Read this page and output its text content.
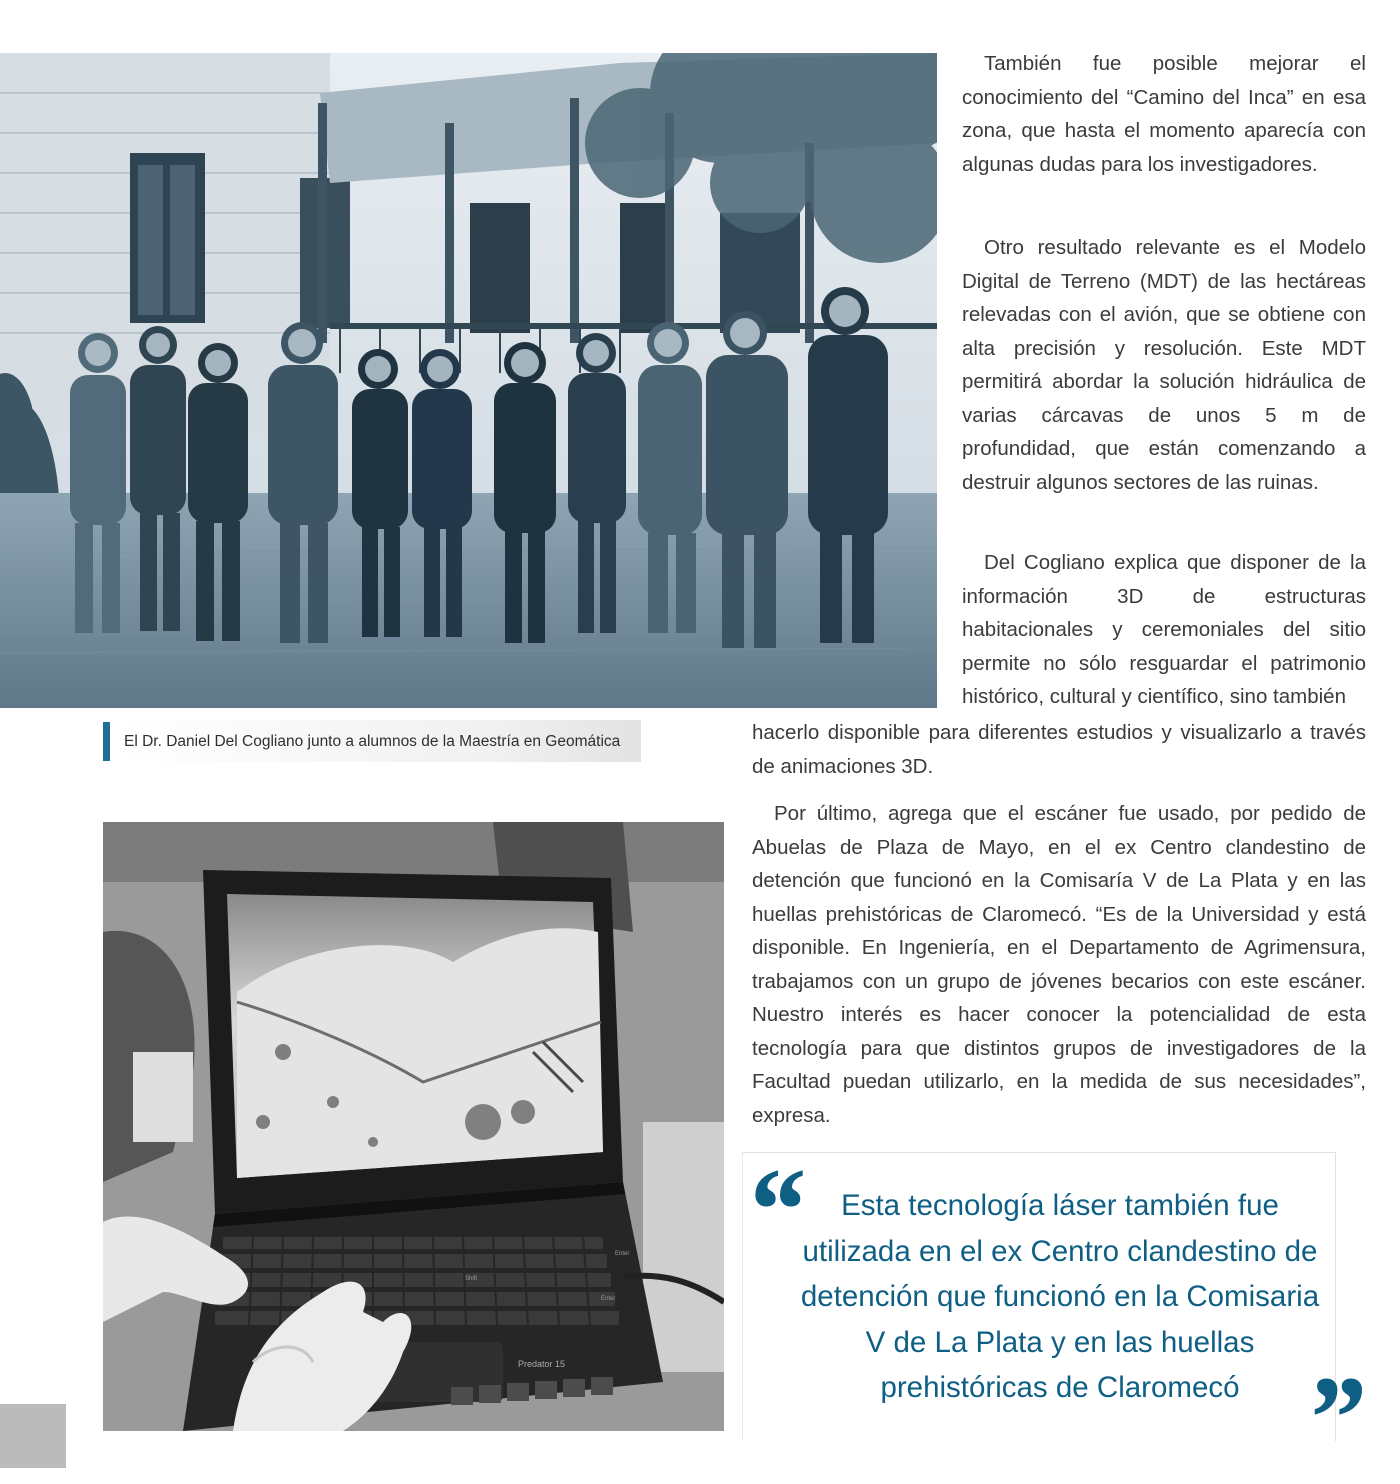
El Dr. Daniel Del Cogliano junto a alumnos de la Maestría en Geomática

También fue posible mejorar el conocimiento del “Camino del Inca” en esa zona, que hasta el momento aparecía con algunas dudas para los investigadores.

Otro resultado relevante es el Modelo Digital de Terreno (MDT) de las hectáreas relevadas con el avión, que se obtiene con alta precisión y resolución. Este MDT permitirá abordar la solución hidráulica de varias cárcavas de unos 5 m de profundidad, que están comenzando a destruir algunos sectores de las ruinas.

Del Cogliano explica que disponer de la información 3D de estructuras habitacionales y ceremoniales del sitio permite no sólo resguardar el patrimonio histórico, cultural y científico, sino también

hacerlo disponible para diferentes estudios y visualizarlo a través de animaciones 3D.

Por último, agrega que el escáner fue usado, por pedido de Abuelas de Plaza de Mayo, en el ex Centro clandestino de detención que funcionó en la Comisaría V de La Plata y en las huellas prehistóricas de Claromecó. “Es de la Universidad y está disponible. En Ingeniería, en el Departamento de Agrimensura, trabajamos con un grupo de jóvenes becarios con este escáner. Nuestro interés es hacer conocer la potencialidad de esta tecnología para que distintos grupos de investigadores de la Facultad puedan utilizarlo, en la medida de sus necesidades”, expresa.

Predator 15
Enter
Shift
Enter
“	Esta tecnología láser también fue utilizada en el ex Centro clandestino de detención que funcionó en la Comisaria V de La Plata y en las huellas prehistóricas de Claromecó ”
